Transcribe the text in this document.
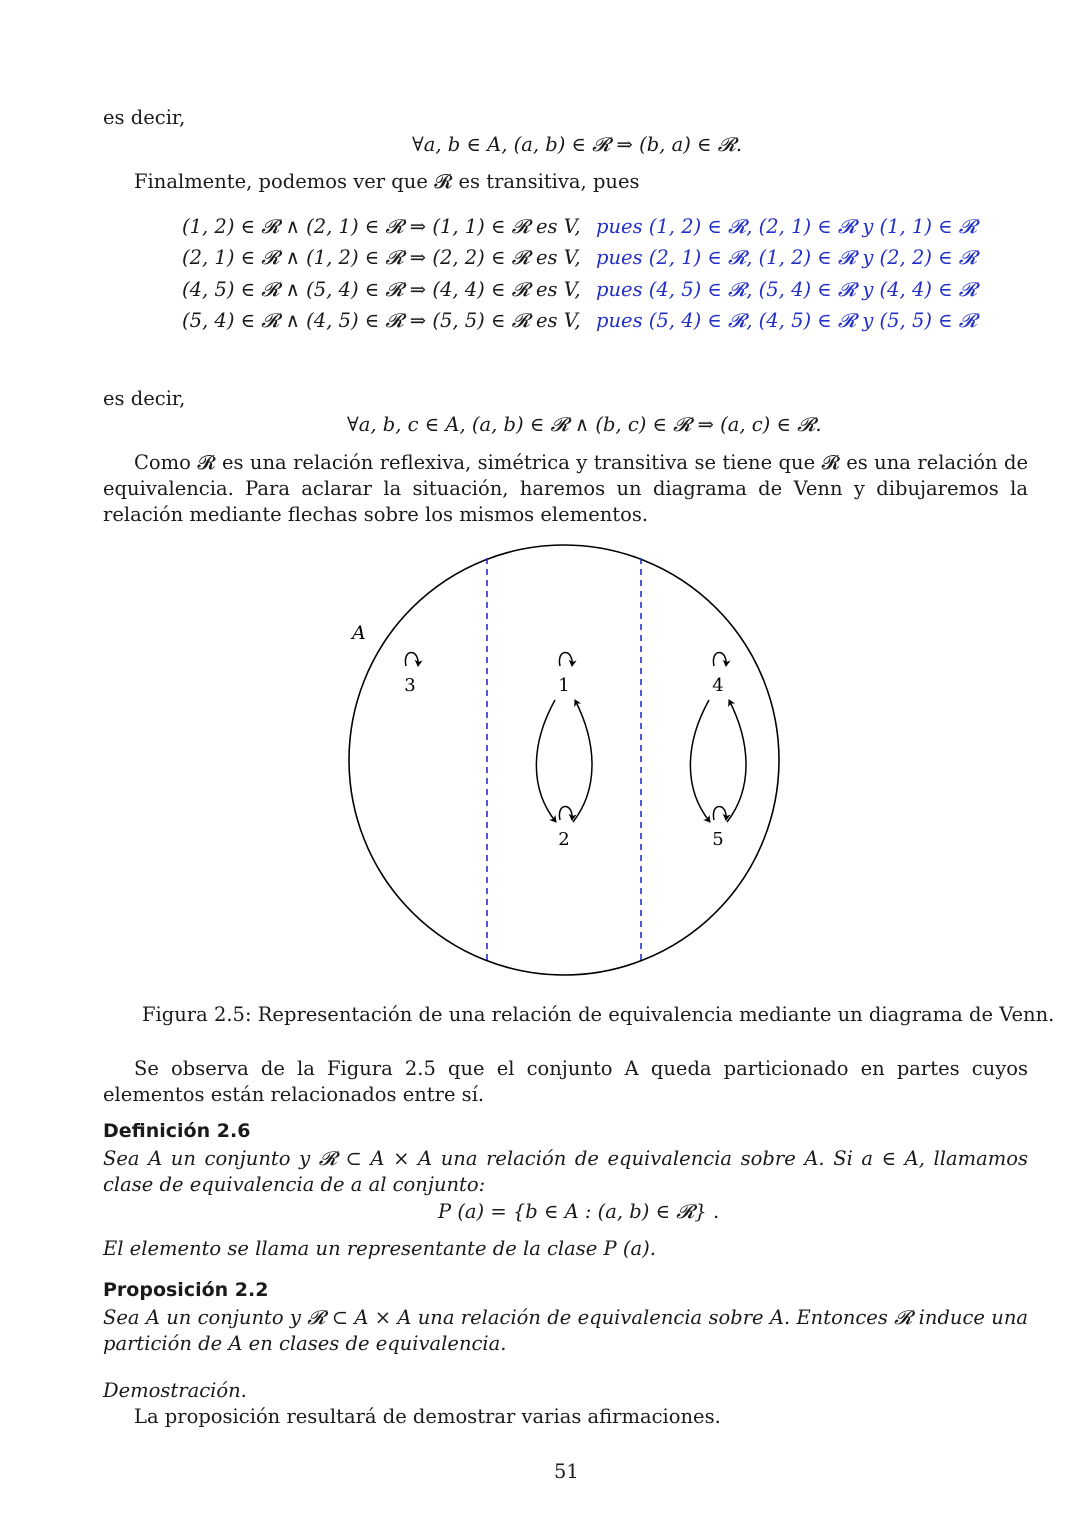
es decir,
∀a, b ∈ A, (a, b) ∈ 𝓡 ⇒ (b, a) ∈ 𝓡.
Finalmente, podemos ver que 𝓡 es transitiva, pues
(1, 2) ∈ 𝓡 ∧ (2, 1) ∈ 𝓡 ⇒ (1, 1) ∈ 𝓡 es V, pues (1, 2) ∈ 𝓡, (2, 1) ∈ 𝓡 y (1, 1) ∈ 𝓡
(2, 1) ∈ 𝓡 ∧ (1, 2) ∈ 𝓡 ⇒ (2, 2) ∈ 𝓡 es V, pues (2, 1) ∈ 𝓡, (1, 2) ∈ 𝓡 y (2, 2) ∈ 𝓡
(4, 5) ∈ 𝓡 ∧ (5, 4) ∈ 𝓡 ⇒ (4, 4) ∈ 𝓡 es V, pues (4, 5) ∈ 𝓡, (5, 4) ∈ 𝓡 y (4, 4) ∈ 𝓡
(5, 4) ∈ 𝓡 ∧ (4, 5) ∈ 𝓡 ⇒ (5, 5) ∈ 𝓡 es V, pues (5, 4) ∈ 𝓡, (4, 5) ∈ 𝓡 y (5, 5) ∈ 𝓡
es decir,
∀a, b, c ∈ A, (a, b) ∈ 𝓡 ∧ (b, c) ∈ 𝓡 ⇒ (a, c) ∈ 𝓡.
Como 𝓡 es una relación reflexiva, simétrica y transitiva se tiene que 𝓡 es una relación de equivalencia. Para aclarar la situación, haremos un diagrama de Venn y dibujaremos la relación mediante flechas sobre los mismos elementos.
A
3	1	4
2	5
Figura 2.5: Representación de una relación de equivalencia mediante un diagrama de Venn.
Se observa de la Figura 2.5 que el conjunto A queda particionado en partes cuyos elementos están relacionados entre sí.
Definición 2.6
Sea A un conjunto y 𝓡 ⊂ A × A una relación de equivalencia sobre A. Si a ∈ A, llamamos clase de equivalencia de a al conjunto:
P (a) = {b ∈ A : (a, b) ∈ 𝓡} .
El elemento se llama un representante de la clase P (a).
Proposición 2.2
Sea A un conjunto y 𝓡 ⊂ A × A una relación de equivalencia sobre A. Entonces 𝓡 induce una partición de A en clases de equivalencia.
Demostración.
La proposición resultará de demostrar varias afirmaciones.
51
